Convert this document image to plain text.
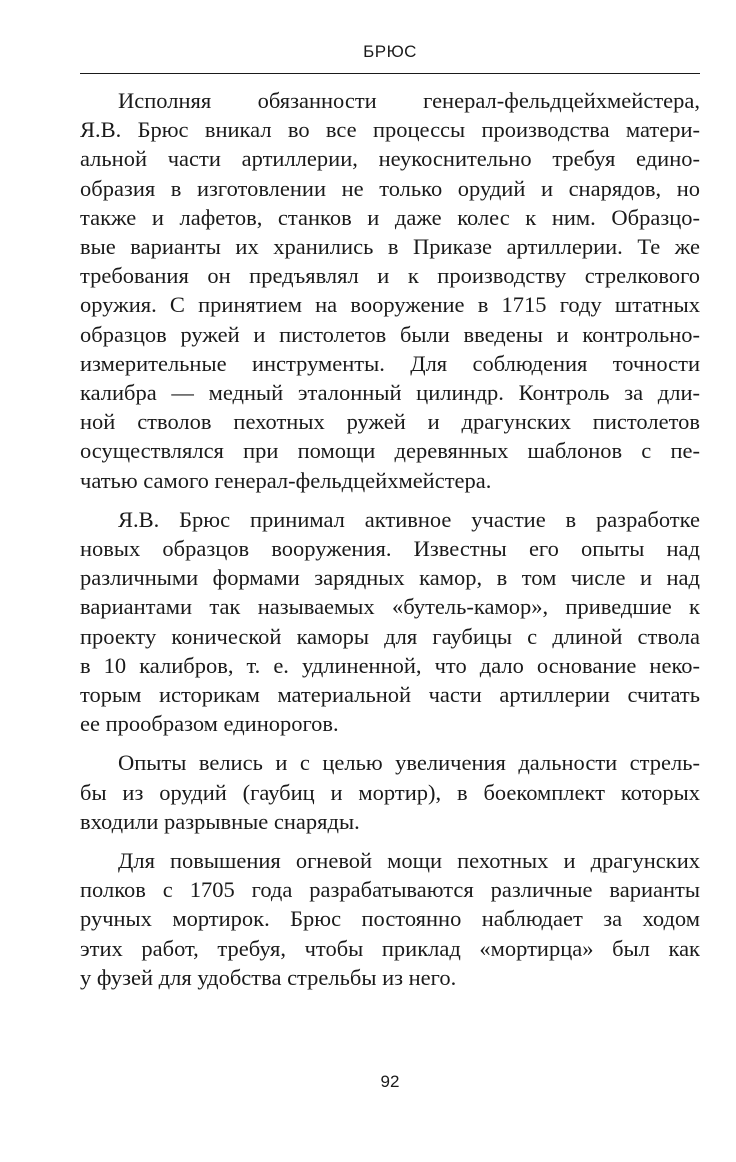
БРЮС
Исполняя обязанности генерал-фельдцейхмейстера,
Я.В. Брюс вникал во все процессы производства матери-
альной части артиллерии, неукоснительно требуя едино-
образия в изготовлении не только орудий и снарядов, но
также и лафетов, станков и даже колес к ним. Образцо-
вые варианты их хранились в Приказе артиллерии. Те же
требования он предъявлял и к производству стрелкового
оружия. С принятием на вооружение в 1715 году штатных
образцов ружей и пистолетов были введены и контрольно-
измерительные инструменты. Для соблюдения точности
калибра — медный эталонный цилиндр. Контроль за дли-
ной стволов пехотных ружей и драгунских пистолетов
осуществлялся при помощи деревянных шаблонов с пе-
чатью самого генерал-фельдцейхмейстера.
Я.В. Брюс принимал активное участие в разработке
новых образцов вооружения. Известны его опыты над
различными формами зарядных камор, в том числе и над
вариантами так называемых «бутель-камор», приведшие к
проекту конической каморы для гаубицы с длиной ствола
в 10 калибров, т. е. удлиненной, что дало основание неко-
торым историкам материальной части артиллерии считать
ее прообразом единорогов.
Опыты велись и с целью увеличения дальности стрель-
бы из орудий (гаубиц и мортир), в боекомплект которых
входили разрывные снаряды.
Для повышения огневой мощи пехотных и драгунских
полков с 1705 года разрабатываются различные варианты
ручных мортирок. Брюс постоянно наблюдает за ходом
этих работ, требуя, чтобы приклад «мортирца» был как
у фузей для удобства стрельбы из него.
92
